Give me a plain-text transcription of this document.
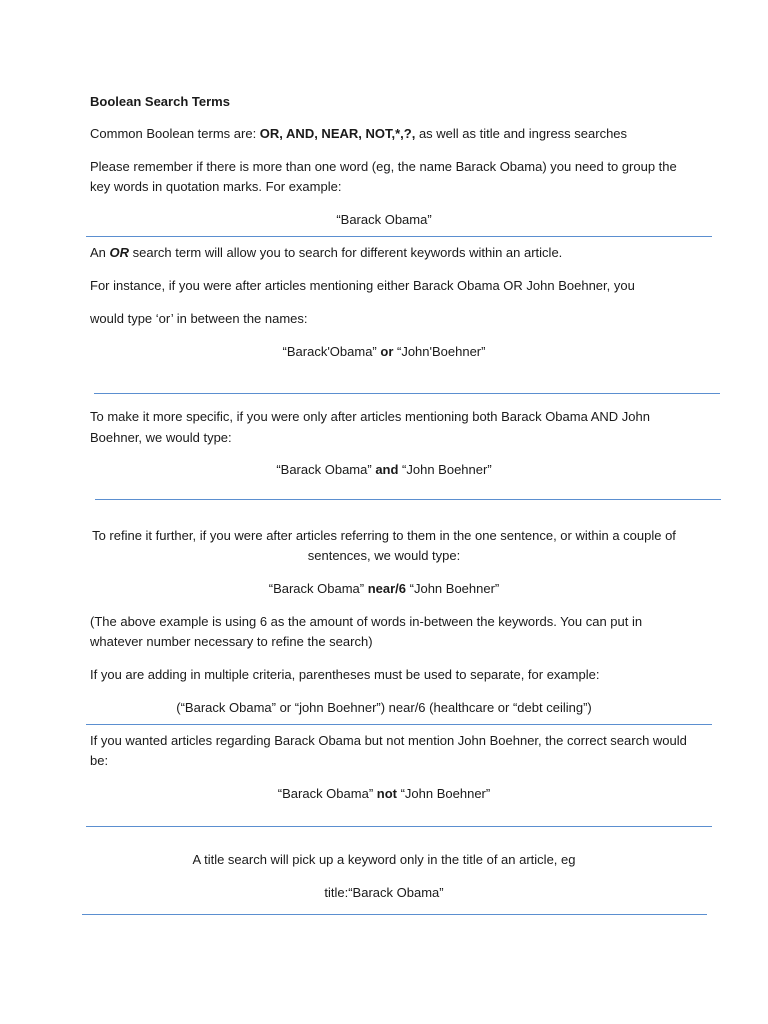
Boolean Search Terms
Common Boolean terms are: OR, AND, NEAR, NOT,*,?, as well as title and ingress searches
Please remember if there is more than one word (eg, the name Barack Obama) you need to group the
key words in quotation marks. For example:
“Barack Obama”
An OR search term will allow you to search for different keywords within an article.
For instance, if you were after articles mentioning either Barack Obama OR John Boehner, you
would type ‘or’ in between the names:
“Barack'Obama” or “John'Boehner”
To make it more specific, if you were only after articles mentioning both Barack Obama AND John
Boehner, we would type:
“Barack Obama” and “John Boehner”
To refine it further, if you were after articles referring to them in the one sentence, or within a couple of
sentences, we would type:
“Barack Obama” near/6 “John Boehner”
(The above example is using 6 as the amount of words in-between the keywords. You can put in
whatever number necessary to refine the search)
If you are adding in multiple criteria, parentheses must be used to separate, for example:
(“Barack Obama” or “john Boehner”) near/6 (healthcare or “debt ceiling”)
If you wanted articles regarding Barack Obama but not mention John Boehner, the correct search would
be:
“Barack Obama” not “John Boehner”
A title search will pick up a keyword only in the title of an article, eg
title:“Barack Obama”
